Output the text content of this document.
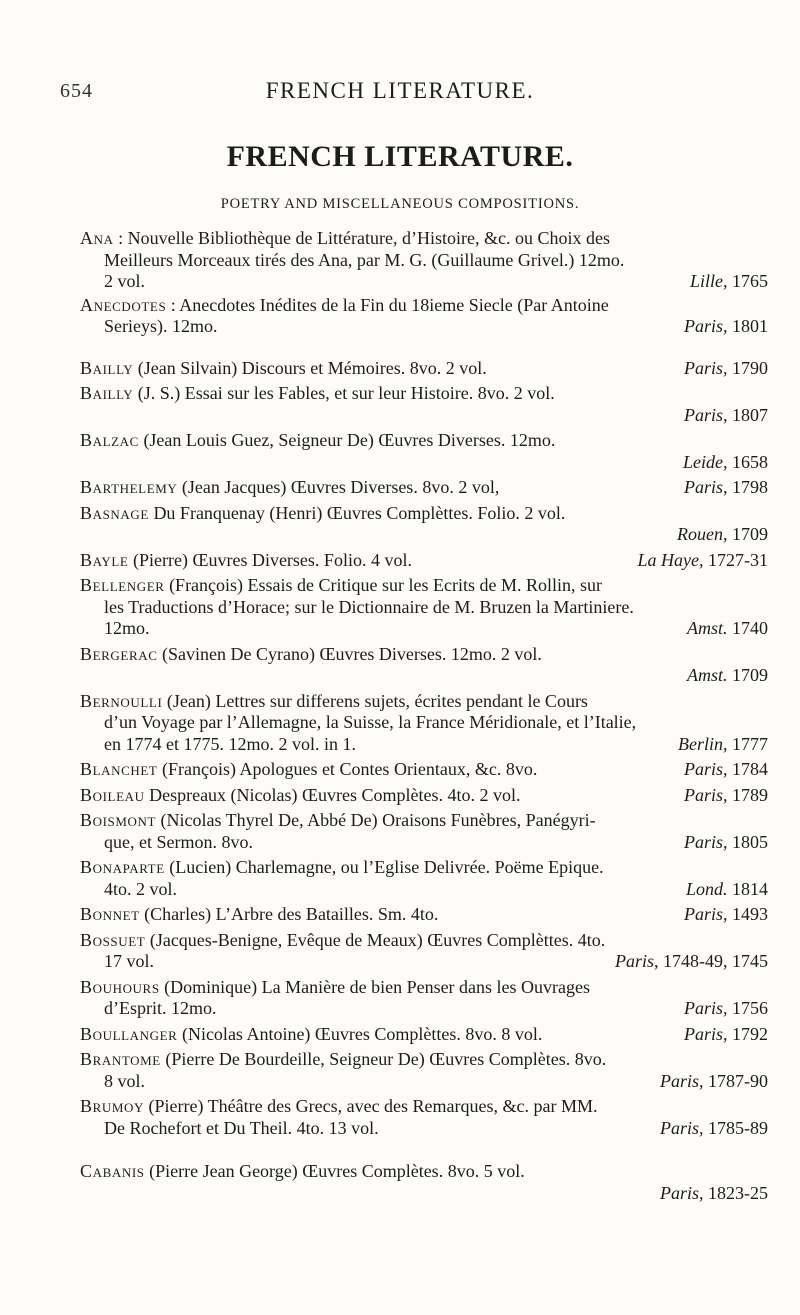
654	FRENCH LITERATURE.
FRENCH LITERATURE.
POETRY AND MISCELLANEOUS COMPOSITIONS.
Ana : Nouvelle Bibliothèque de Littérature, d’Histoire, &c. ou Choix des
Meilleurs Morceaux tirés des Ana, par M. G. (Guillaume Grivel.) 12mo.
2 vol.	Lille, 1765
Anecdotes : Anecdotes Inédites de la Fin du 18ieme Siecle (Par Antoine
Serieys). 12mo.	Paris, 1801
Bailly (Jean Silvain) Discours et Mémoires. 8vo. 2 vol.	Paris, 1790
Bailly (J. S.) Essai sur les Fables, et sur leur Histoire. 8vo. 2 vol.
Paris, 1807
Balzac (Jean Louis Guez, Seigneur De) Œuvres Diverses. 12mo.
Leide, 1658
Barthelemy (Jean Jacques) Œuvres Diverses. 8vo. 2 vol,	Paris, 1798
Basnage Du Franquenay (Henri) Œuvres Complèttes. Folio. 2 vol.
Rouen, 1709
Bayle (Pierre) Œuvres Diverses. Folio. 4 vol.	La Haye, 1727-31
Bellenger (François) Essais de Critique sur les Ecrits de M. Rollin, sur
les Traductions d’Horace; sur le Dictionnaire de M. Bruzen la Martiniere.
12mo.	Amst. 1740
Bergerac (Savinen De Cyrano) Œuvres Diverses. 12mo. 2 vol.
Amst. 1709
Bernoulli (Jean) Lettres sur differens sujets, écrites pendant le Cours
d’un Voyage par l’Allemagne, la Suisse, la France Méridionale, et l’Italie,
en 1774 et 1775. 12mo. 2 vol. in 1.	Berlin, 1777
Blanchet (François) Apologues et Contes Orientaux, &c. 8vo.	Paris, 1784
Boileau Despreaux (Nicolas) Œuvres Complètes. 4to. 2 vol.	Paris, 1789
Boismont (Nicolas Thyrel De, Abbé De) Oraisons Funèbres, Panégyri-
que, et Sermon. 8vo.	Paris, 1805
Bonaparte (Lucien) Charlemagne, ou l’Eglise Delivrée. Poëme Epique.
4to. 2 vol.	Lond. 1814
Bonnet (Charles) L’Arbre des Batailles. Sm. 4to.	Paris, 1493
Bossuet (Jacques-Benigne, Evêque de Meaux) Œuvres Complèttes. 4to.
17 vol.	Paris, 1748-49, 1745
Bouhours (Dominique) La Manière de bien Penser dans les Ouvrages
d’Esprit. 12mo.	Paris, 1756
Boullanger (Nicolas Antoine) Œuvres Complèttes. 8vo. 8 vol.	Paris, 1792
Brantome (Pierre De Bourdeille, Seigneur De) Œuvres Complètes. 8vo.
8 vol.	Paris, 1787-90
Brumoy (Pierre) Théâtre des Grecs, avec des Remarques, &c. par MM.
De Rochefort et Du Theil. 4to. 13 vol.	Paris, 1785-89
Cabanis (Pierre Jean George) Œuvres Complètes. 8vo. 5 vol.
Paris, 1823-25
